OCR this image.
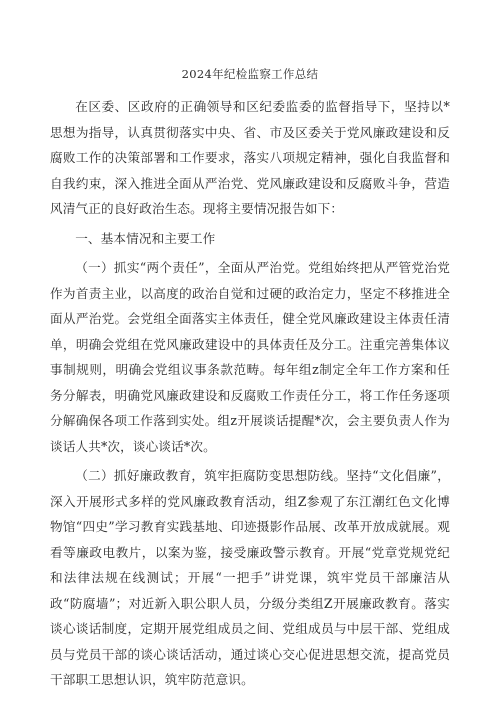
2024年纪检监察工作总结

在区委、区政府的正确领导和区纪委监委的监督指导下，坚持以*思想为指导，认真贯彻落实中央、省、市及区委关于党风廉政建设和反腐败工作的决策部署和工作要求，落实八项规定精神，强化自我监督和自我约束，深入推进全面从严治党、党风廉政建设和反腐败斗争，营造风清气正的良好政治生态。现将主要情况报告如下：

一、基本情况和主要工作

（一）抓实“两个责任”，全面从严治党。党组始终把从严管党治党作为首责主业，以高度的政治自觉和过硬的政治定力，坚定不移推进全面从严治党。会党组全面落实主体责任，健全党风廉政建设主体责任清单，明确会党组在党风廉政建设中的具体责任及分工。注重完善集体议事制规则，明确会党组议事条款范畴。每年组z制定全年工作方案和任务分解表，明确党风廉政建设和反腐败工作责任分工，将工作任务逐项分解确保各项工作落到实处。组z开展谈话提醒*次，会主要负责人作为谈话人共*次，谈心谈话*次。

（二）抓好廉政教育，筑牢拒腐防变思想防线。坚持“文化倡廉”，深入开展形式多样的党风廉政教育活动，组Z参观了东江潮红色文化博物馆“四史”学习教育实践基地、印迹摄影作品展、改革开放成就展。观看等廉政电教片，以案为鉴，接受廉政警示教育。开展“党章党规党纪和法律法规在线测试；开展“一把手”讲党课，筑牢党员干部廉洁从政“防腐墙”；对近新入职公职人员，分级分类组Z开展廉政教育。落实谈心谈话制度，定期开展党组成员之间、党组成员与中层干部、党组成员与党员干部的谈心谈话活动，通过谈心交心促进思想交流，提高党员干部职工思想认识，筑牢防范意识。
